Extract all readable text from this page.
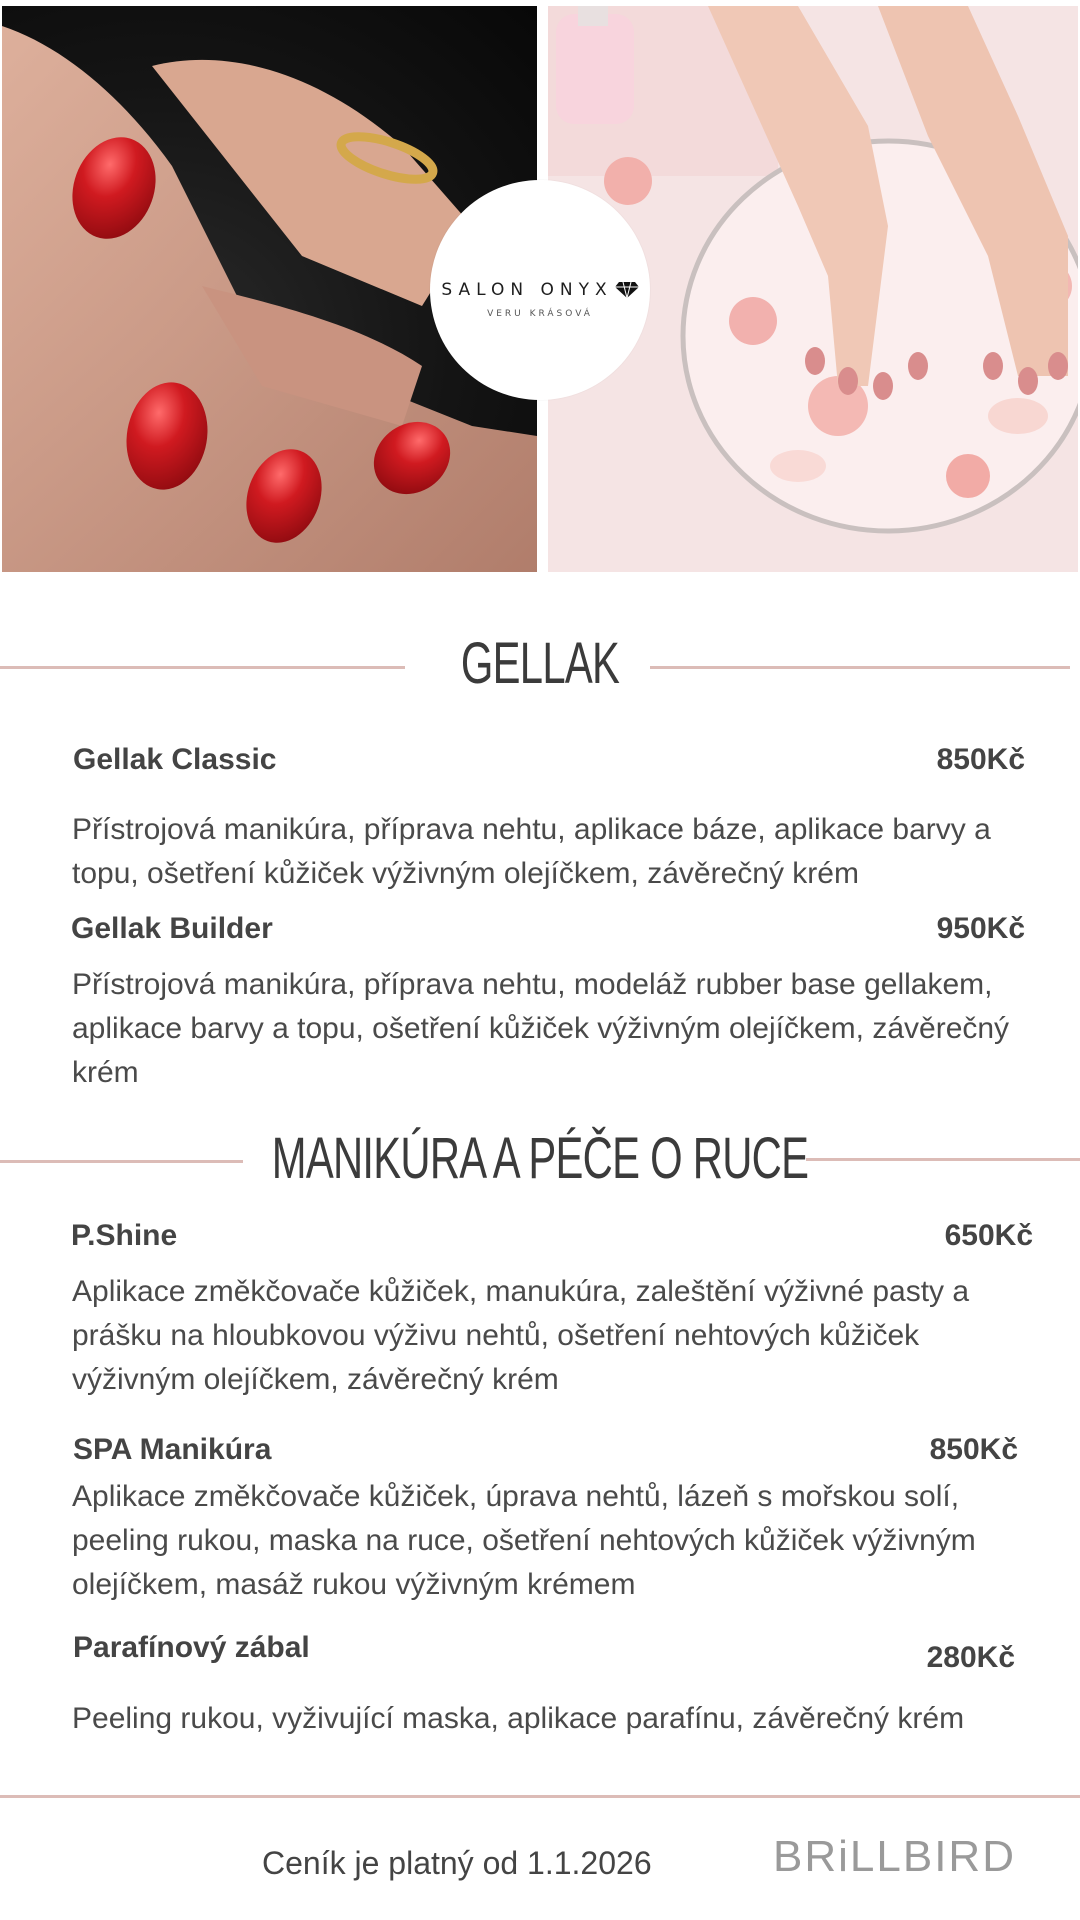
SALON ONYX
VERU KRÁSOVÁ
GELLAK
Gellak Classic	850Kč
Přístrojová manikúra, příprava nehtu, aplikace báze, aplikace barvy a
topu, ošetření kůžiček výživným olejíčkem, závěrečný krém
Gellak Builder	950Kč
Přístrojová manikúra, příprava nehtu, modeláž rubber base gellakem,
aplikace barvy a topu, ošetření kůžiček výživným olejíčkem, závěrečný
krém
MANIKÚRA A PÉČE O RUCE
P.Shine	650Kč
Aplikace změkčovače kůžiček, manukúra, zaleštění výživné pasty a
prášku na hloubkovou výživu nehtů, ošetření nehtových kůžiček
výživným olejíčkem, závěrečný krém
SPA Manikúra	850Kč
Aplikace změkčovače kůžiček, úprava nehtů, lázeň s mořskou solí,
peeling rukou, maska na ruce, ošetření nehtových kůžiček výživným
olejíčkem, masáž rukou výživným krémem
Parafínový zábal	280Kč
Peeling rukou, vyživující maska, aplikace parafínu, závěrečný krém
Ceník je platný od 1.1.2026	BRiLLBIRD
